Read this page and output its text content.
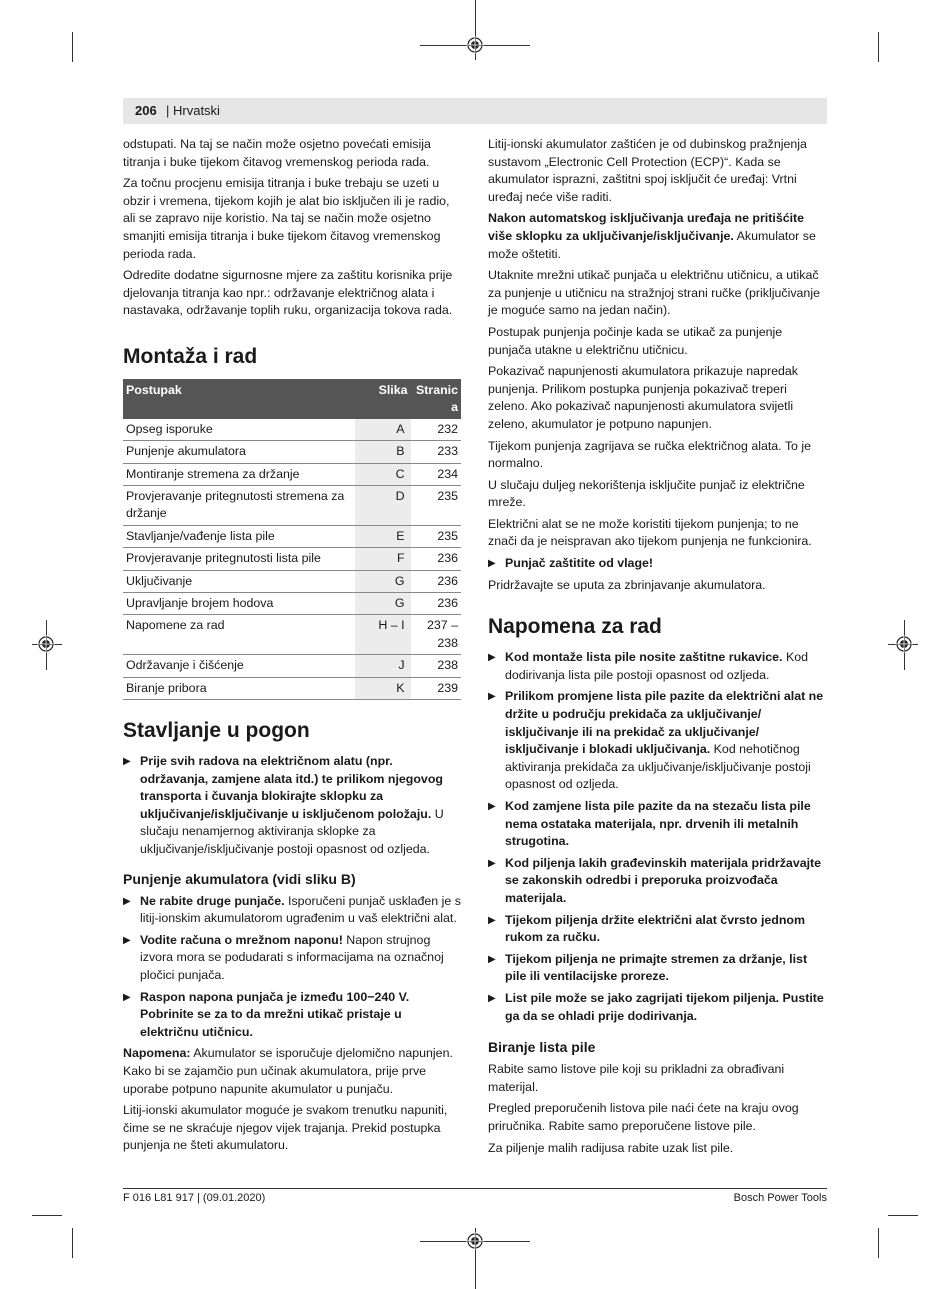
206 | Hrvatski

odstupati. Na taj se način može osjetno povećati emisija titranja i buke tijekom čitavog vremenskog perioda rada.

Za točnu procjenu emisija titranja i buke trebaju se uzeti u obzir i vremena, tijekom kojih je alat bio isključen ili je radio, ali se zapravo nije koristio. Na taj se način može osjetno smanjiti emisija titranja i buke tijekom čitavog vremenskog perioda rada.

Odredite dodatne sigurnosne mjere za zaštitu korisnika prije djelovanja titranja kao npr.: održavanje električnog alata i nastavaka, održavanje toplih ruku, organizacija tokova rada.

Montaža i rad
Postupak	Slika	Stranic a
Opseg isporuke	A	232
Punjenje akumulatora	B	233
Montiranje stremena za držanje	C	234
Provjeravanje pritegnutosti stremena za držanje	D	235
Stavljanje/vađenje lista pile	E	235
Provjeravanje pritegnutosti lista pile	F	236
Uključivanje	G	236
Upravljanje brojem hodova	G	236
Napomene za rad	H – I	237 – 238
Održavanje i čišćenje	J	238
Biranje pribora	K	239
Stavljanje u pogon
▶ Prije svih radova na električnom alatu (npr. održavanja, zamjene alata itd.) te prilikom njegovog transporta i čuvanja blokirajte sklopku za uključivanje/isključivanje u isključenom položaju. U slučaju nenamjernog aktiviranja sklopke za uključivanje/isključivanje postoji opasnost od ozljeda.
Punjenje akumulatora (vidi sliku B)
▶ Ne rabite druge punjače. Isporučeni punjač usklađen je s litij-ionskim akumulatorom ugrađenim u vaš električni alat.
▶ Vodite računa o mrežnom naponu! Napon strujnog izvora mora se podudarati s informacijama na označnoj pločici punjača.
▶ Raspon napona punjača je između 100−240 V. Pobrinite se za to da mrežni utikač pristaje u električnu utičnicu.

Napomena: Akumulator se isporučuje djelomično napunjen. Kako bi se zajamčio pun učinak akumulatora, prije prve uporabe potpuno napunite akumulator u punjaču.

Litij-ionski akumulator moguće je svakom trenutku napuniti, čime se ne skraćuje njegov vijek trajanja. Prekid postupka punjenja ne šteti akumulatoru.

Litij-ionski akumulator zaštićen je od dubinskog pražnjenja sustavom „Electronic Cell Protection (ECP)“. Kada se akumulator isprazni, zaštitni spoj isključit će uređaj: Vrtni uređaj neće više raditi.

Nakon automatskog isključivanja uređaja ne pritišćite više sklopku za uključivanje/isključivanje. Akumulator se može oštetiti.

Utaknite mrežni utikač punjača u električnu utičnicu, a utikač za punjenje u utičnicu na stražnjoj strani ručke (priključivanje je moguće samo na jedan način).

Postupak punjenja počinje kada se utikač za punjenje punjača utakne u električnu utičnicu.

Pokazivač napunjenosti akumulatora prikazuje napredak punjenja. Prilikom postupka punjenja pokazivač treperi zeleno. Ako pokazivač napunjenosti akumulatora svijetli zeleno, akumulator je potpuno napunjen.

Tijekom punjenja zagrijava se ručka električnog alata. To je normalno.

U slučaju duljeg nekorištenja isključite punjač iz električne mreže.

Električni alat se ne može koristiti tijekom punjenja; to ne znači da je neispravan ako tijekom punjenja ne funkcionira.

▶ Punjač zaštitite od vlage!

Pridržavajte se uputa za zbrinjavanje akumulatora.

Napomena za rad
▶ Kod montaže lista pile nosite zaštitne rukavice. Kod dodirivanja lista pile postoji opasnost od ozljeda.
▶ Prilikom promjene lista pile pazite da električni alat ne držite u području prekidača za uključivanje/ isključivanje ili na prekidač za uključivanje/ isključivanje i blokadi uključivanja. Kod nehotičnog aktiviranja prekidača za uključivanje/isključivanje postoji opasnost od ozljeda.
▶ Kod zamjene lista pile pazite da na stezaču lista pile nema ostataka materijala, npr. drvenih ili metalnih strugotina.
▶ Kod piljenja lakih građevinskih materijala pridržavajte se zakonskih odredbi i preporuka proizvođača materijala.
▶ Tijekom piljenja držite električni alat čvrsto jednom rukom za ručku.
▶ Tijekom piljenja ne primajte stremen za držanje, list pile ili ventilacijske proreze.
▶ List pile može se jako zagrijati tijekom piljenja. Pustite ga da se ohladi prije dodirivanja.
Biranje lista pile

Rabite samo listove pile koji su prikladni za obrađivani materijal.

Pregled preporučenih listova pile naći ćete na kraju ovog priručnika. Rabite samo preporučene listove pile.

Za piljenje malih radijusa rabite uzak list pile.

F 016 L81 917 | (09.01.2020)	Bosch Power Tools
